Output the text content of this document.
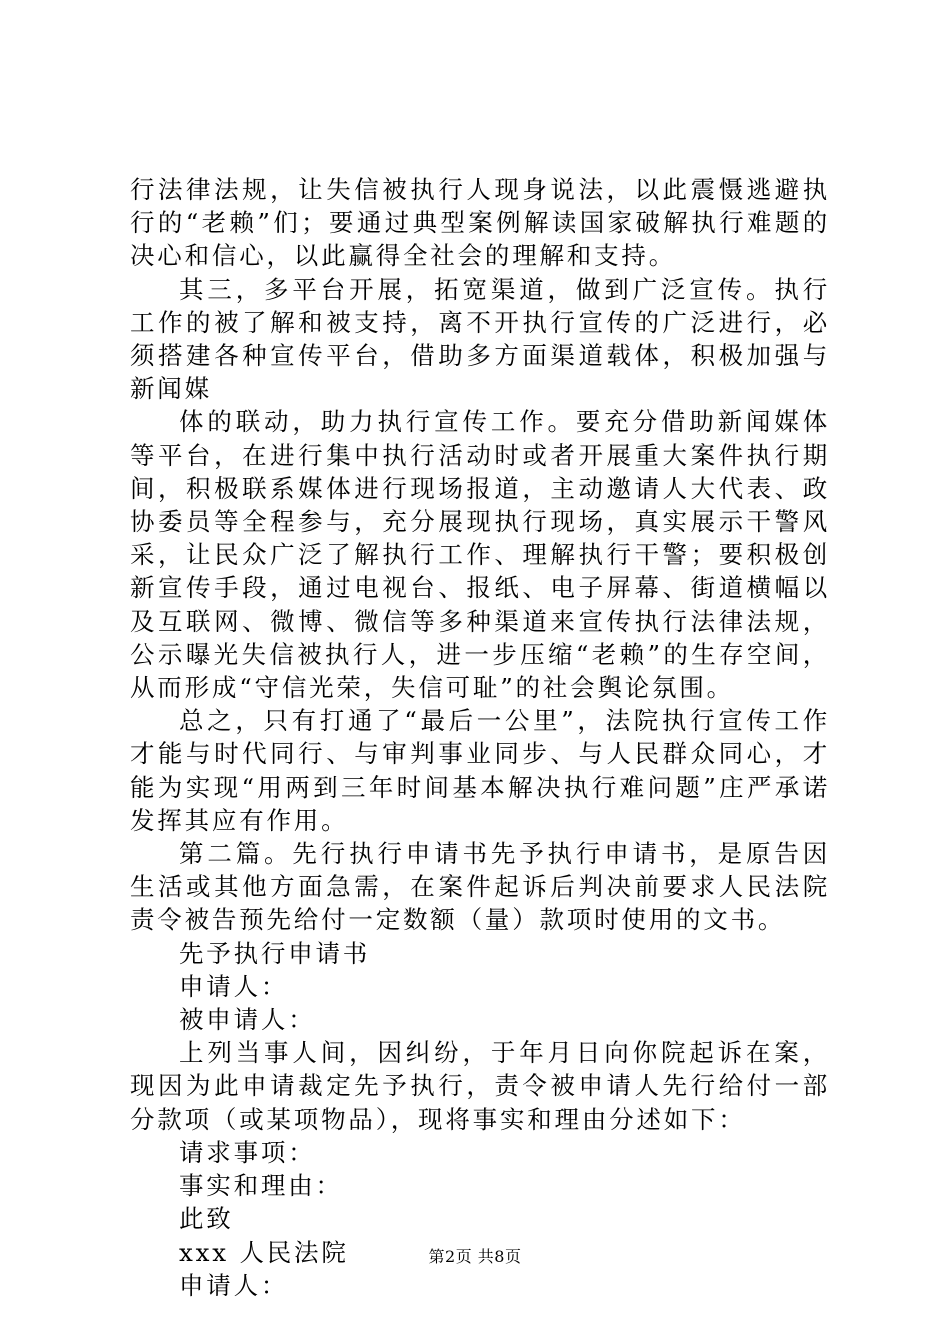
行法律法规，让失信被执行人现身说法，以此震慑逃避执行的“老赖”们；要通过典型案例解读国家破解执行难题的决心和信心，以此赢得全社会的理解和支持。

其三，多平台开展，拓宽渠道，做到广泛宣传。执行工作的被了解和被支持，离不开执行宣传的广泛进行，必须搭建各种宣传平台，借助多方面渠道载体，积极加强与新闻媒

体的联动，助力执行宣传工作。要充分借助新闻媒体等平台，在进行集中执行活动时或者开展重大案件执行期间，积极联系媒体进行现场报道，主动邀请人大代表、政协委员等全程参与，充分展现执行现场，真实展示干警风采，让民众广泛了解执行工作、理解执行干警；要积极创新宣传手段，通过电视台、报纸、电子屏幕、街道横幅以及互联网、微博、微信等多种渠道来宣传执行法律法规，公示曝光失信被执行人，进一步压缩“老赖”的生存空间，从而形成“守信光荣，失信可耻”的社会舆论氛围。

总之，只有打通了“最后一公里”，法院执行宣传工作才能与时代同行、与审判事业同步、与人民群众同心，才能为实现“用两到三年时间基本解决执行难问题”庄严承诺发挥其应有作用。

第二篇。先行执行申请书先予执行申请书，是原告因生活或其他方面急需，在案件起诉后判决前要求人民法院责令被告预先给付一定数额（量）款项时使用的文书。

先予执行申请书

申请人：

被申请人：

上列当事人间，因纠纷，于年月日向你院起诉在案，现因为此申请裁定先予执行，责令被申请人先行给付一部分款项（或某项物品），现将事实和理由分述如下：

请求事项：

事实和理由：

此致

xxx 人民法院

申请人：

第2页 共8页
